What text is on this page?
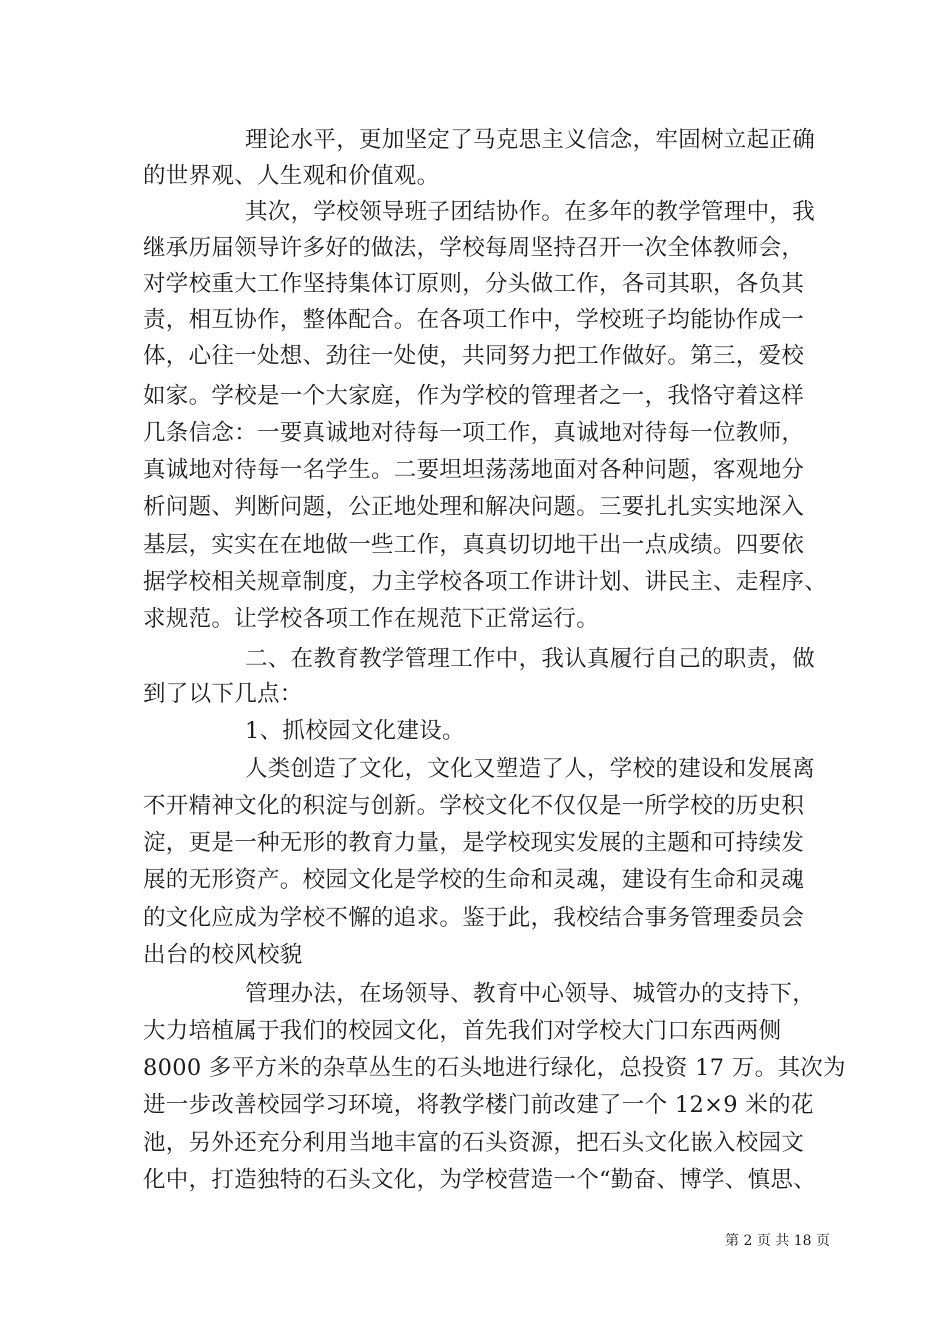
理论水平，更加坚定了马克思主义信念，牢固树立起正确
的世界观、人生观和价值观。
其次，学校领导班子团结协作。在多年的教学管理中，我
继承历届领导许多好的做法，学校每周坚持召开一次全体教师会，
对学校重大工作坚持集体订原则，分头做工作，各司其职，各负其
责，相互协作，整体配合。在各项工作中，学校班子均能协作成一
体，心往一处想、劲往一处使，共同努力把工作做好。第三，爱校
如家。学校是一个大家庭，作为学校的管理者之一，我恪守着这样
几条信念：一要真诚地对待每一项工作，真诚地对待每一位教师，
真诚地对待每一名学生。二要坦坦荡荡地面对各种问题，客观地分
析问题、判断问题，公正地处理和解决问题。三要扎扎实实地深入
基层，实实在在地做一些工作，真真切切地干出一点成绩。四要依
据学校相关规章制度，力主学校各项工作讲计划、讲民主、走程序、
求规范。让学校各项工作在规范下正常运行。
二、在教育教学管理工作中，我认真履行自己的职责，做
到了以下几点：
1、抓校园文化建设。
人类创造了文化，文化又塑造了人，学校的建设和发展离
不开精神文化的积淀与创新。学校文化不仅仅是一所学校的历史积
淀，更是一种无形的教育力量，是学校现实发展的主题和可持续发
展的无形资产。校园文化是学校的生命和灵魂，建设有生命和灵魂
的文化应成为学校不懈的追求。鉴于此，我校结合事务管理委员会
出台的校风校貌
管理办法，在场领导、教育中心领导、城管办的支持下，
大力培植属于我们的校园文化，首先我们对学校大门口东西两侧
8000 多平方米的杂草丛生的石头地进行绿化，总投资 17 万。其次为
进一步改善校园学习环境，将教学楼门前改建了一个 12×9 米的花
池，另外还充分利用当地丰富的石头资源，把石头文化嵌入校园文
化中，打造独特的石头文化，为学校营造一个“勤奋、博学、慎思、
第 2 页 共 18 页
